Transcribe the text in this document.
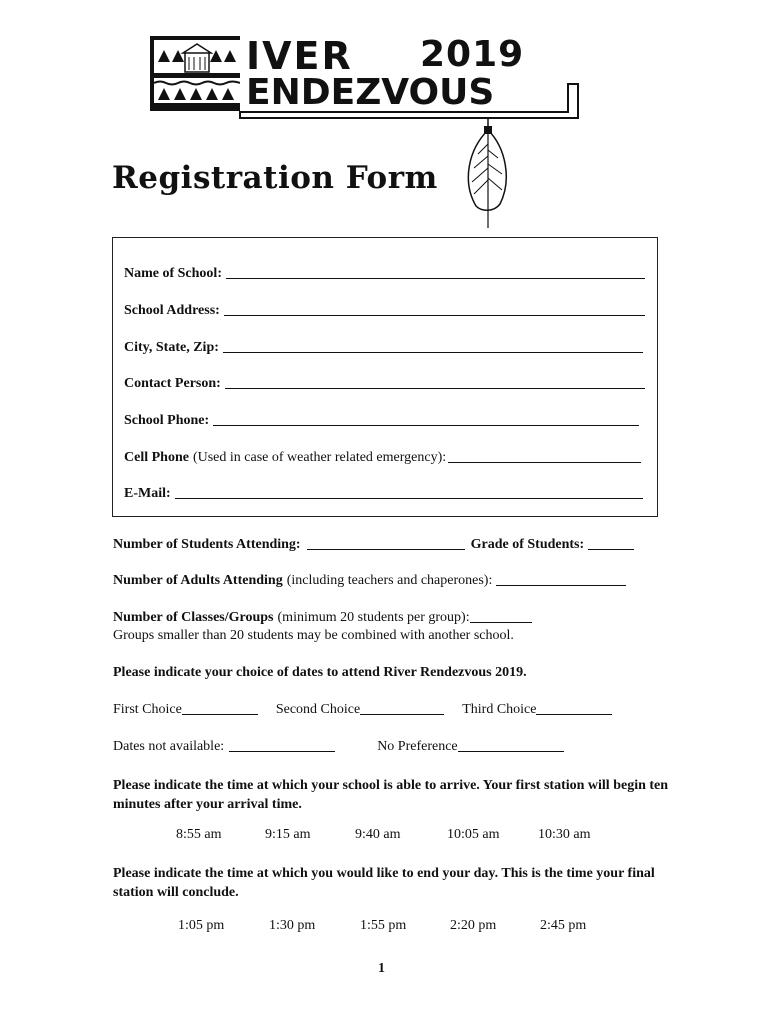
IVER 2019
ENDEZVOUS
Registration Form
Name of School:
School Address:
City, State, Zip:
Contact Person:
School Phone:
Cell Phone (Used in case of weather related emergency):
E-Mail:
Number of Students Attending:	Grade of Students:
Number of Adults Attending (including teachers and chaperones):
Number of Classes/Groups (minimum 20 students per group):
Groups smaller than 20 students may be combined with another school.
Please indicate your choice of dates to attend River Rendezvous 2019.
First Choice	Second Choice	Third Choice
Dates not available:	No Preference
Please indicate the time at which your school is able to arrive. Your first station will begin ten minutes after your arrival time.
8:55 am	9:15 am	9:40 am	10:05 am	10:30 am
Please indicate the time at which you would like to end your day. This is the time your final station will conclude.
1:05 pm	1:30 pm	1:55 pm	2:20 pm	2:45 pm
1
